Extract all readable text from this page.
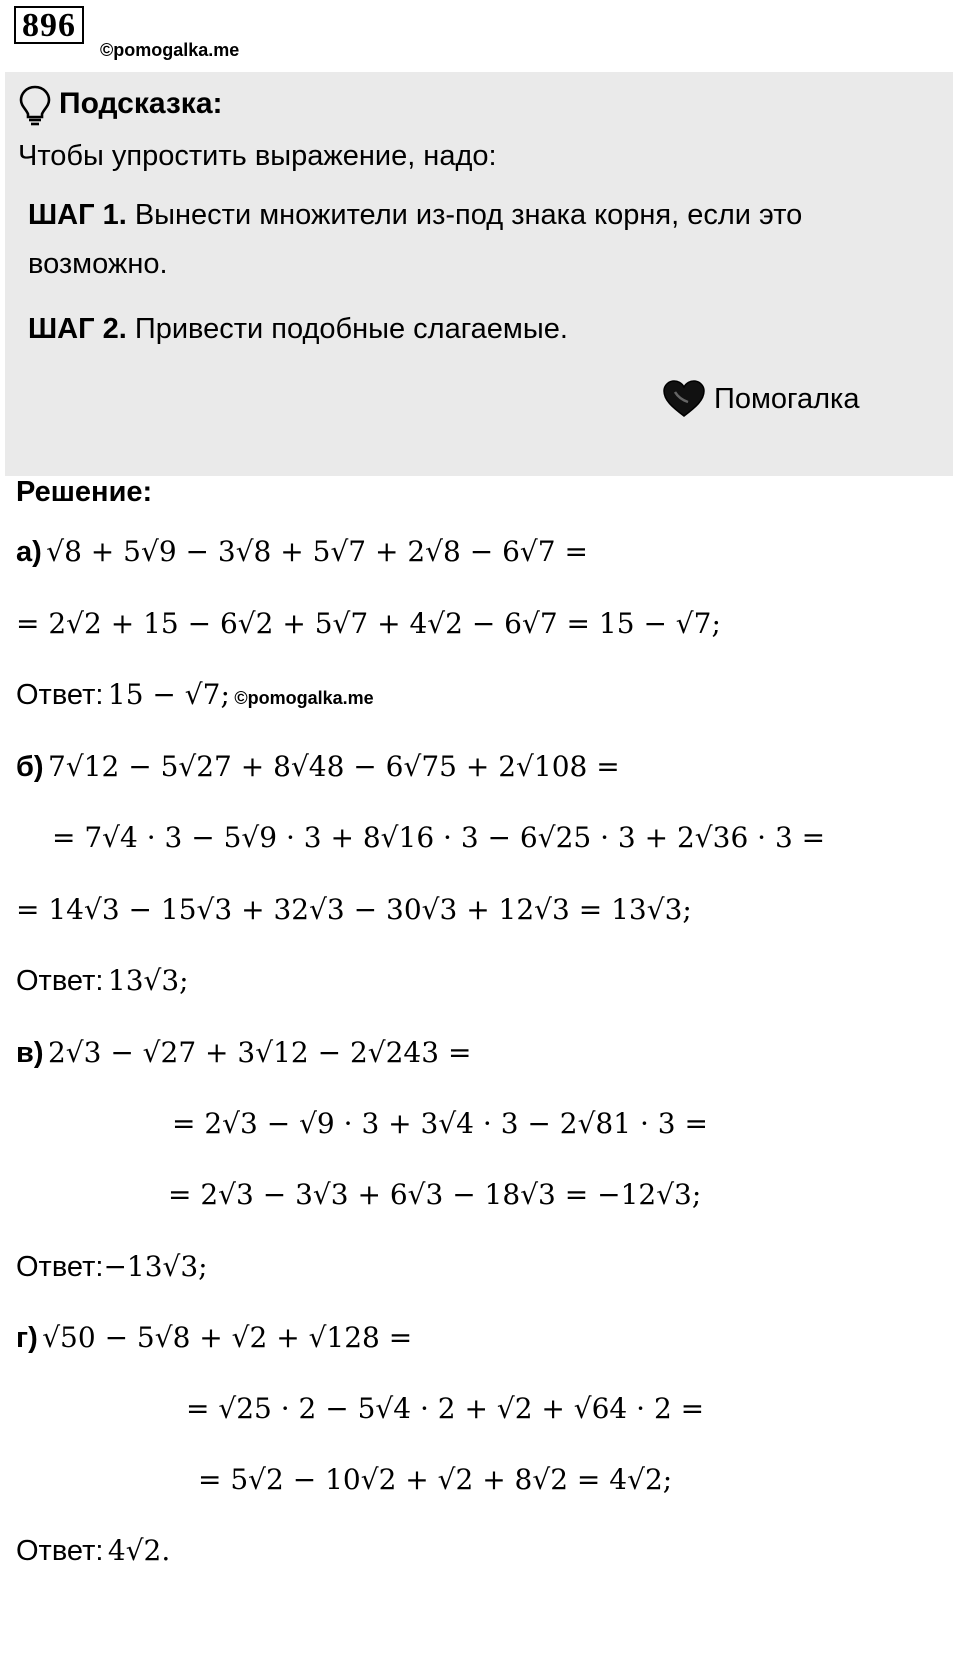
896
©pomogalka.me
Подсказка:
Чтобы упростить выражение, надо:
ШАГ 1. Вынести множители из-под знака корня, если это
возможно.
ШАГ 2. Привести подобные слагаемые.
Помогалка
Решение:
а) √8 + 5√9 − 3√8 + 5√7 + 2√8 − 6√7 =
= 2√2 + 15 − 6√2 + 5√7 + 4√2 − 6√7 = 15 − √7;
Ответ: 15 − √7; ©pomogalka.me
б) 7√12 − 5√27 + 8√48 − 6√75 + 2√108 =
= 7√4 · 3 − 5√9 · 3 + 8√16 · 3 − 6√25 · 3 + 2√36 · 3 =
= 14√3 − 15√3 + 32√3 − 30√3 + 12√3 = 13√3;
Ответ: 13√3;
в) 2√3 − √27 + 3√12 − 2√243 =
= 2√3 − √9 · 3 + 3√4 · 3 − 2√81 · 3 =
= 2√3 − 3√3 + 6√3 − 18√3 = −12√3;
Ответ:−13√3;
г) √50 − 5√8 + √2 + √128 =
= √25 · 2 − 5√4 · 2 + √2 + √64 · 2 =
= 5√2 − 10√2 + √2 + 8√2 = 4√2;
Ответ: 4√2.
